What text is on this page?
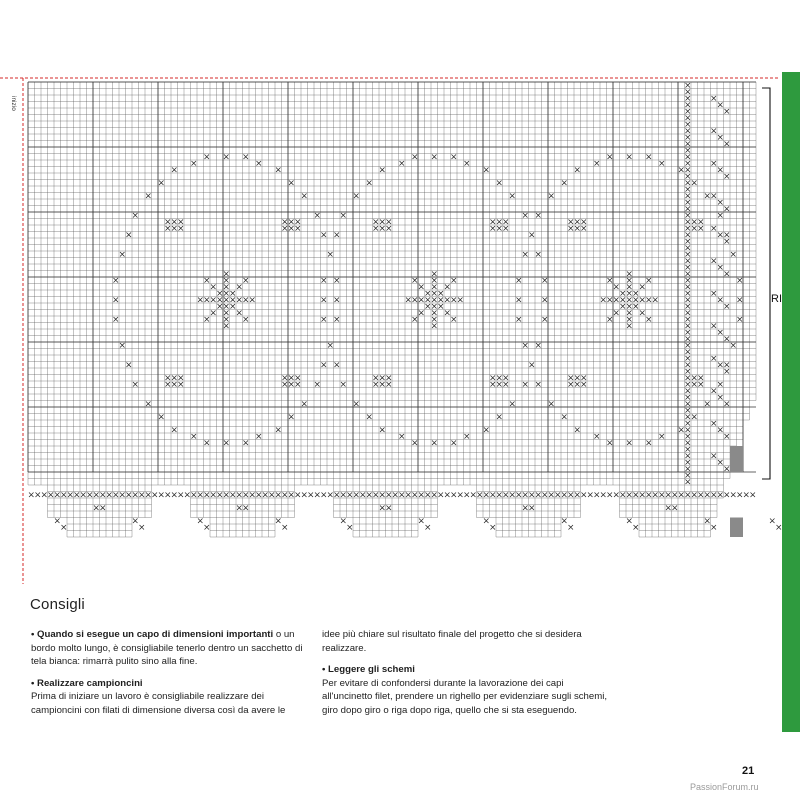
inizio
RI
Consigli

• Quando si esegue un capo di dimensioni importanti o un bordo molto lungo, è consigliabile tenerlo dentro un sacchetto di tela bianca: rimarrà pulito sino alla fine.

• Realizzare campioncini
Prima di iniziare un lavoro è consigliabile realizzare dei campioncini con filati di dimensione diversa così da avere le

idee più chiare sul risultato finale del progetto che si desidera realizzare.

• Leggere gli schemi
Per evitare di confondersi durante la lavorazione dei capi all'uncinetto filet, prendere un righello per evidenziare sugli schemi, giro dopo giro o riga dopo riga, quello che si sta eseguendo.

21
PassionForum.ru
